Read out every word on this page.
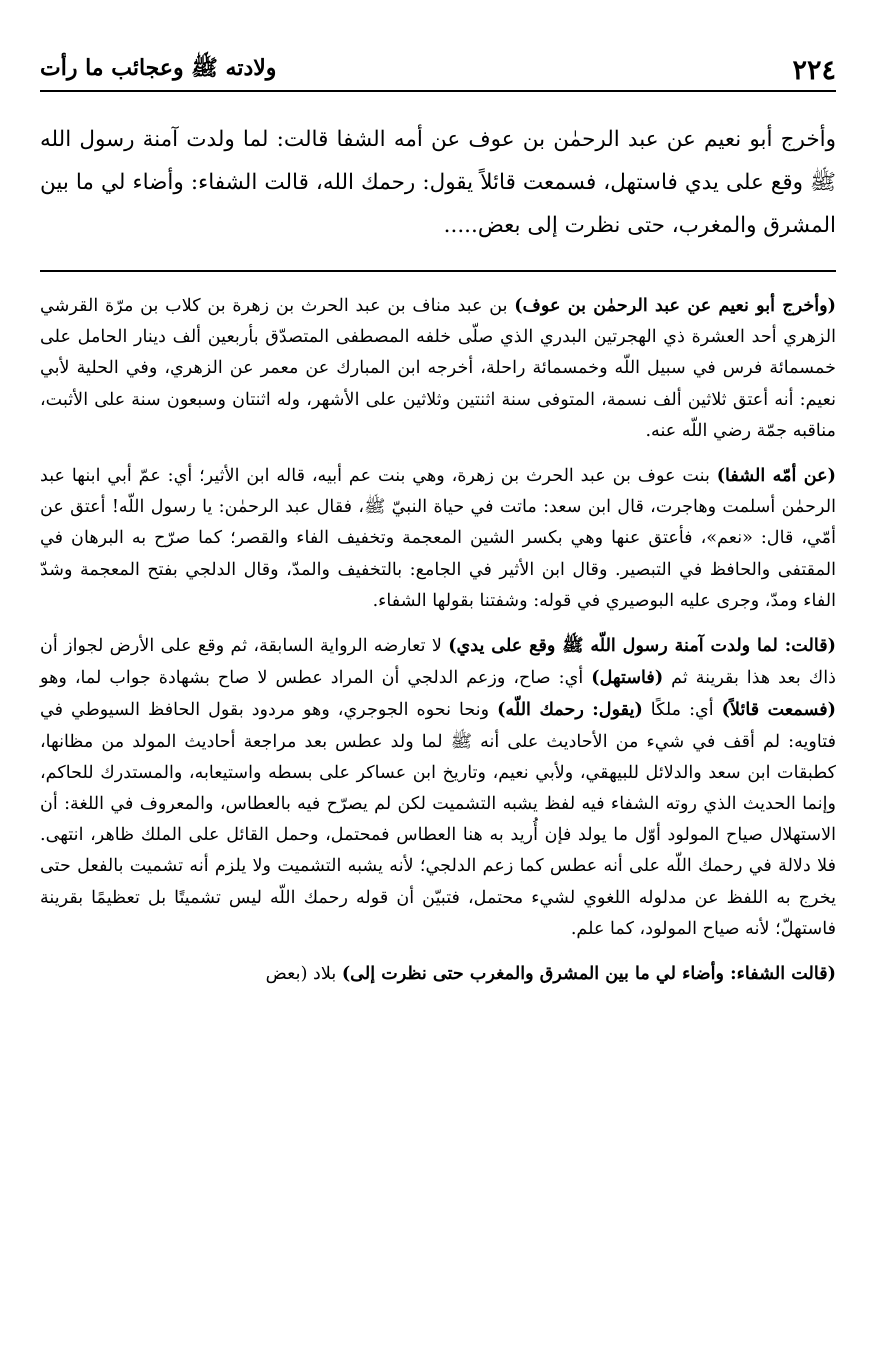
٢٢٤
ولادته ﷺ وعجائب ما رأت
وأخرج أبو نعيم عن عبد الرحمٰن بن عوف عن أمه الشفا قالت: لما ولدت آمنة رسول الله ﷺ وقع على يدي فاستهل، فسمعت قائلاً يقول: رحمك الله، قالت الشفاء: وأضاء لي ما بين المشرق والمغرب، حتى نظرت إلى بعض.....

(وأخرج أبو نعيم عن عبد الرحمٰن بن عوف) بن عبد مناف بن عبد الحرث بن زهرة بن كلاب بن مرّة القرشي الزهري أحد العشرة ذي الهجرتين البدري الذي صلّى خلفه المصطفى المتصدّق بأربعين ألف دينار الحامل على خمسمائة فرس في سبيل اللّه وخمسمائة راحلة، أخرجه ابن المبارك عن معمر عن الزهري، وفي الحلية لأبي نعيم: أنه أعتق ثلاثين ألف نسمة، المتوفى سنة اثنتين وثلاثين على الأشهر، وله اثنتان وسبعون سنة على الأثبت، مناقبه جمّة رضي اللّه عنه.

(عن أمّه الشفا) بنت عوف بن عبد الحرث بن زهرة، وهي بنت عم أبيه، قاله ابن الأثير؛ أي: عمّ أبي ابنها عبد الرحمٰن أسلمت وهاجرت، قال ابن سعد: ماتت في حياة النبيّ ﷺ، فقال عبد الرحمٰن: يا رسول اللّه! أعتق عن أمّي، قال: «نعم»، فأعتق عنها وهي بكسر الشين المعجمة وتخفيف الفاء والقصر؛ كما صرّح به البرهان في المقتفى والحافظ في التبصير. وقال ابن الأثير في الجامع: بالتخفيف والمدّ، وقال الدلجي بفتح المعجمة وشدّ الفاء ومدّ، وجرى عليه البوصيري في قوله: وشفتنا بقولها الشفاء.

(قالت: لما ولدت آمنة رسول اللّه ﷺ وقع على يدي) لا تعارضه الرواية السابقة، ثم وقع على الأرض لجواز أن ذاك بعد هذا بقرينة ثم (فاستهل) أي: صاح، وزعم الدلجي أن المراد عطس لا صاح بشهادة جواب لما، وهو (فسمعت قائلاً) أي: ملكًا (يقول: رحمك اللّه) ونحا نحوه الجوجري، وهو مردود بقول الحافظ السيوطي في فتاويه: لم أقف في شيء من الأحاديث على أنه ﷺ لما ولد عطس بعد مراجعة أحاديث المولد من مظانها، كطبقات ابن سعد والدلائل للبيهقي، ولأبي نعيم، وتاريخ ابن عساكر على بسطه واستيعابه، والمستدرك للحاكم، وإنما الحديث الذي روته الشفاء فيه لفظ يشبه التشميت لكن لم يصرّح فيه بالعطاس، والمعروف في اللغة: أن الاستهلال صياح المولود أوّل ما يولد فإن أُريد به هنا العطاس فمحتمل، وحمل القائل على الملك ظاهر، انتهى. فلا دلالة في رحمك اللّه على أنه عطس كما زعم الدلجي؛ لأنه يشبه التشميت ولا يلزم أنه تشميت بالفعل حتى يخرج به اللفظ عن مدلوله اللغوي لشيء محتمل، فتبيّن أن قوله رحمك اللّه ليس تشميتًا بل تعظيمًا بقرينة فاستهلّ؛ لأنه صياح المولود، كما علم.

(قالت الشفاء: وأضاء لي ما بين المشرق والمغرب حتى نظرت إلى) بلاد (بعض
